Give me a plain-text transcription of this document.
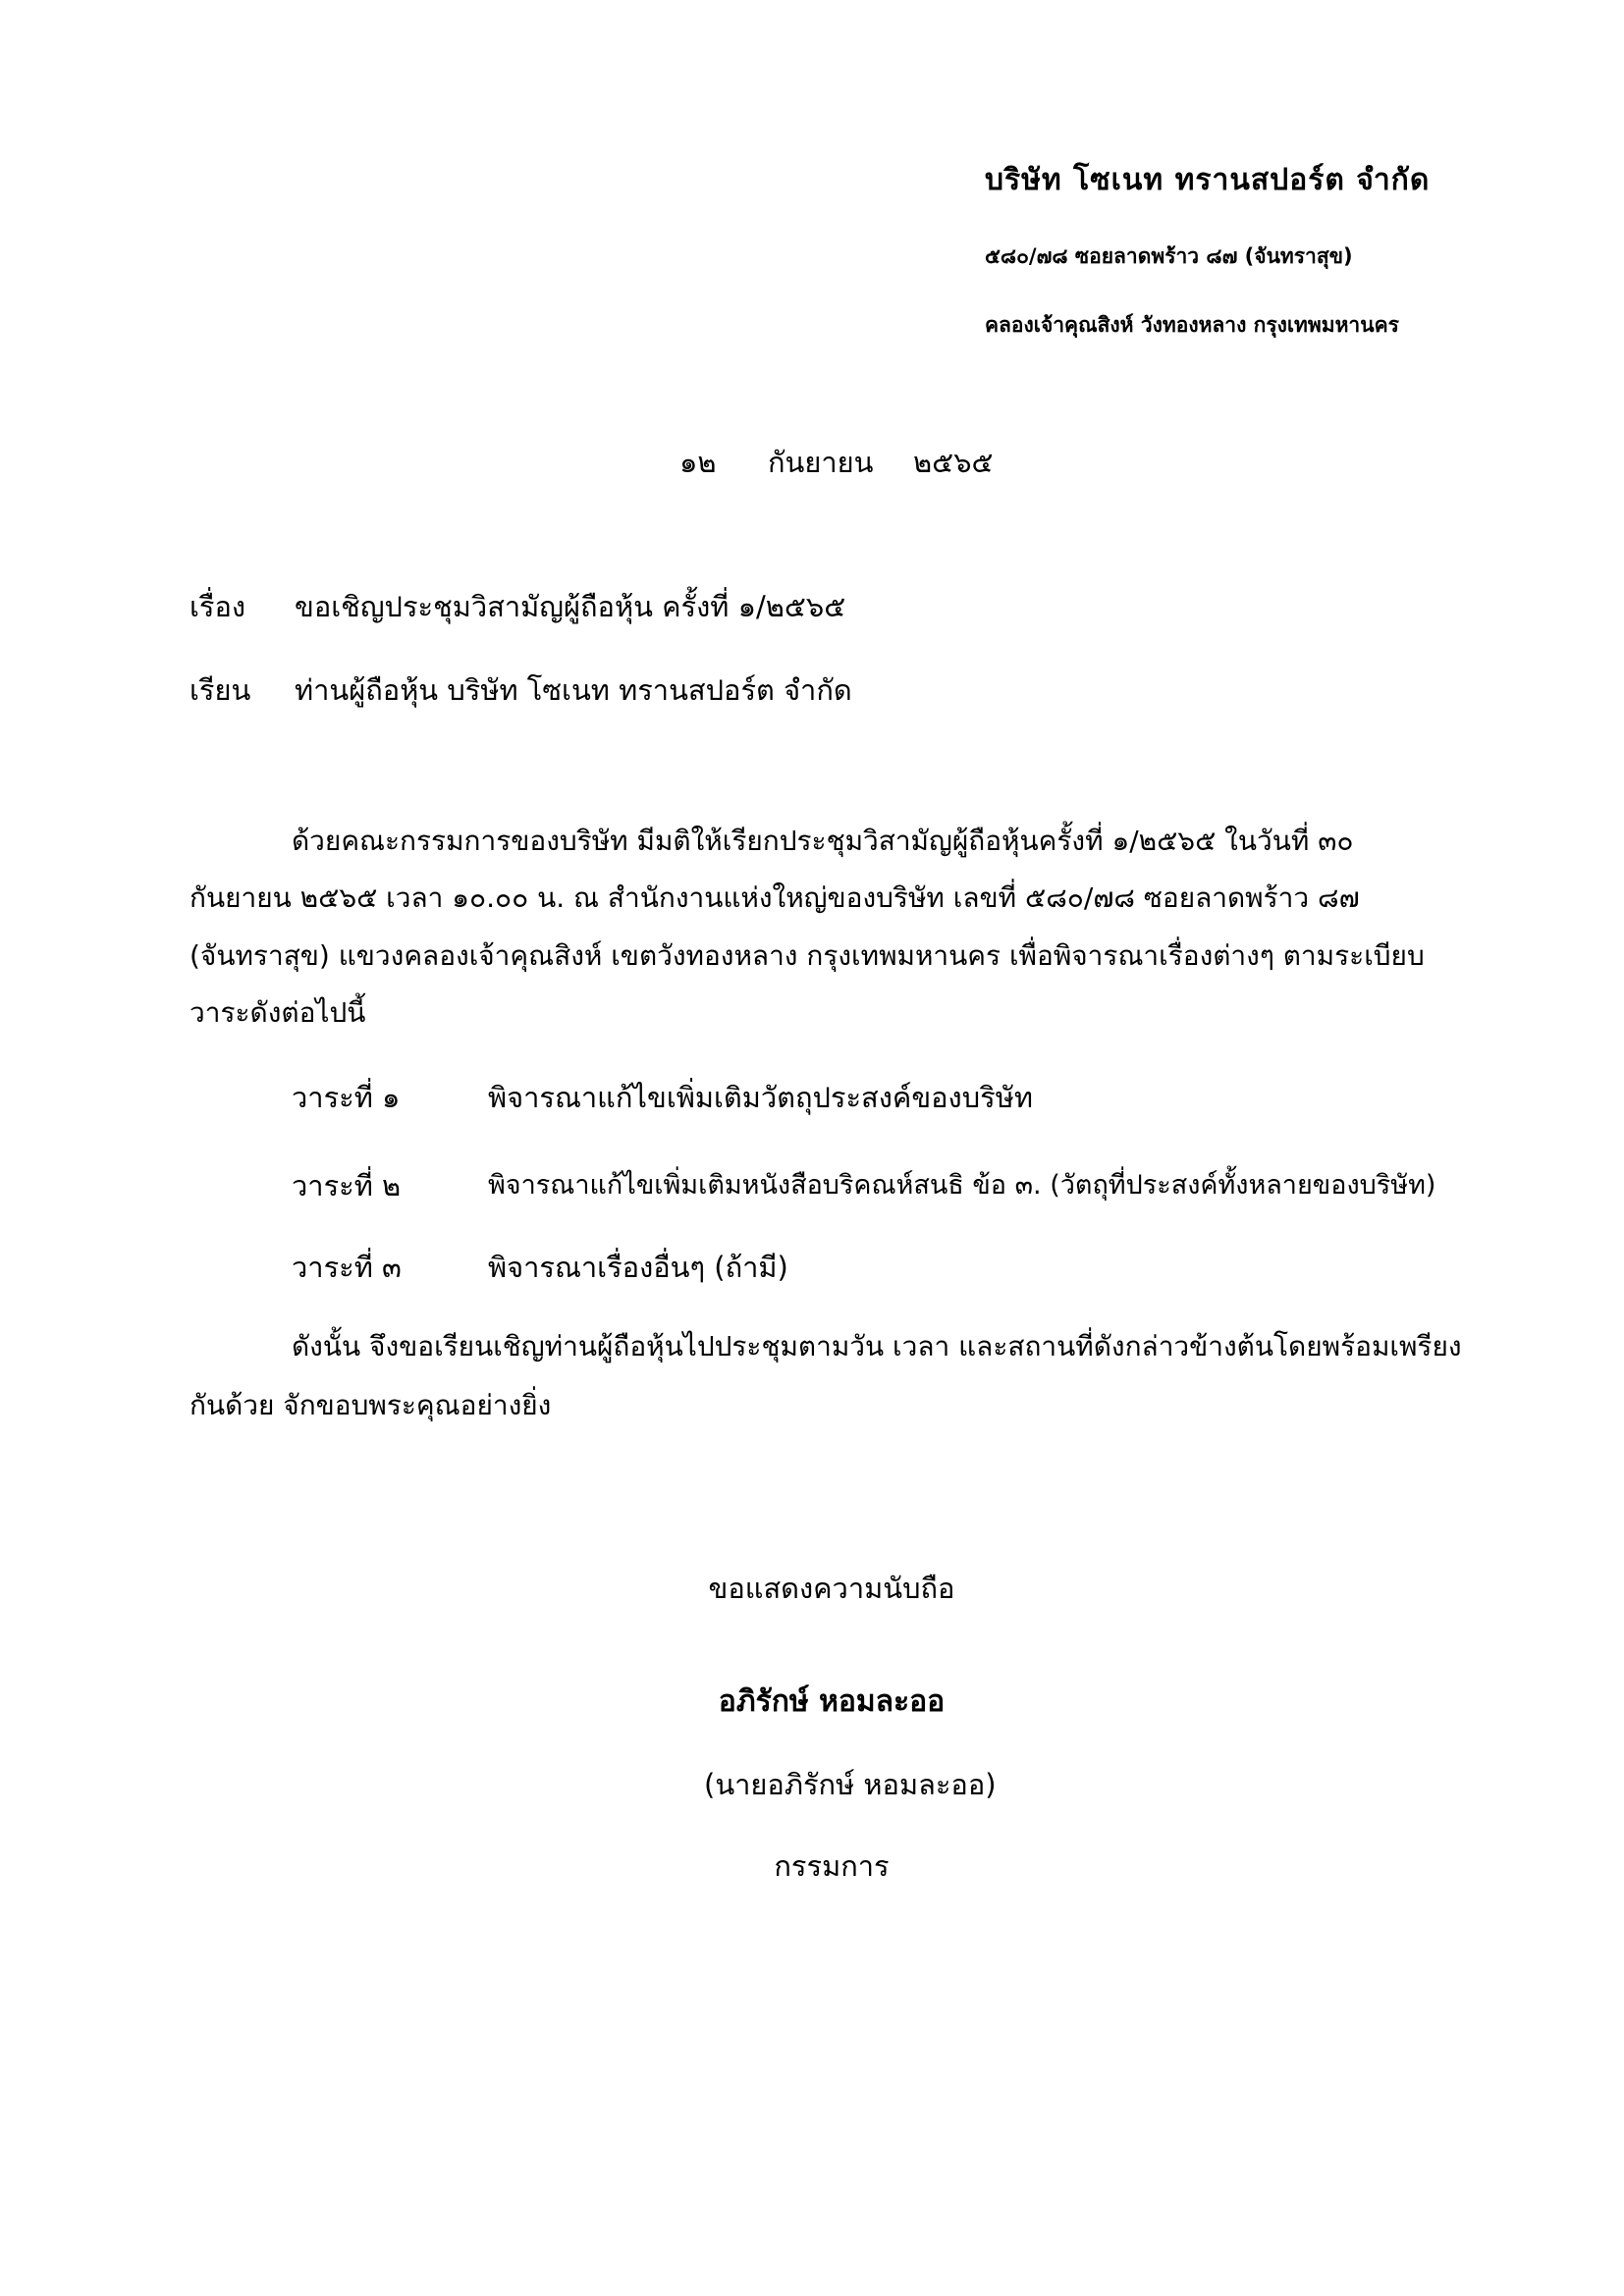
บริษัท โซเนท ทรานสปอร์ต จำกัด
๕๘๐/๗๘ ซอยลาดพร้าว ๘๗ (จันทราสุข)
คลองเจ้าคุณสิงห์ วังทองหลาง กรุงเทพมหานคร
๑๒ กันยายน ๒๕๖๕
เรื่อง ขอเชิญประชุมวิสามัญผู้ถือหุ้น ครั้งที่ ๑/๒๕๖๕
เรียน ท่านผู้ถือหุ้น บริษัท โซเนท ทรานสปอร์ต จำกัด
ด้วยคณะกรรมการของบริษัท มีมติให้เรียกประชุมวิสามัญผู้ถือหุ้นครั้งที่ ๑/๒๕๖๕ ในวันที่ ๓๐
กันยายน ๒๕๖๕ เวลา ๑๐.๐๐ น. ณ สำนักงานแห่งใหญ่ของบริษัท เลขที่ ๕๘๐/๗๘ ซอยลาดพร้าว ๘๗
(จันทราสุข) แขวงคลองเจ้าคุณสิงห์ เขตวังทองหลาง กรุงเทพมหานคร เพื่อพิจารณาเรื่องต่างๆ ตามระเบียบ
วาระดังต่อไปนี้
วาระที่ ๑	พิจารณาแก้ไขเพิ่มเติมวัตถุประสงค์ของบริษัท
วาระที่ ๒	พิจารณาแก้ไขเพิ่มเติมหนังสือบริคณห์สนธิ ข้อ ๓. (วัตถุที่ประสงค์ทั้งหลายของบริษัท)
วาระที่ ๓	พิจารณาเรื่องอื่นๆ (ถ้ามี)
ดังนั้น จึงขอเรียนเชิญท่านผู้ถือหุ้นไปประชุมตามวัน เวลา และสถานที่ดังกล่าวข้างต้นโดยพร้อมเพรียง
กันด้วย จักขอบพระคุณอย่างยิ่ง
ขอแสดงความนับถือ
อภิรักษ์ หอมละออ
(นายอภิรักษ์ หอมละออ)
กรรมการ
